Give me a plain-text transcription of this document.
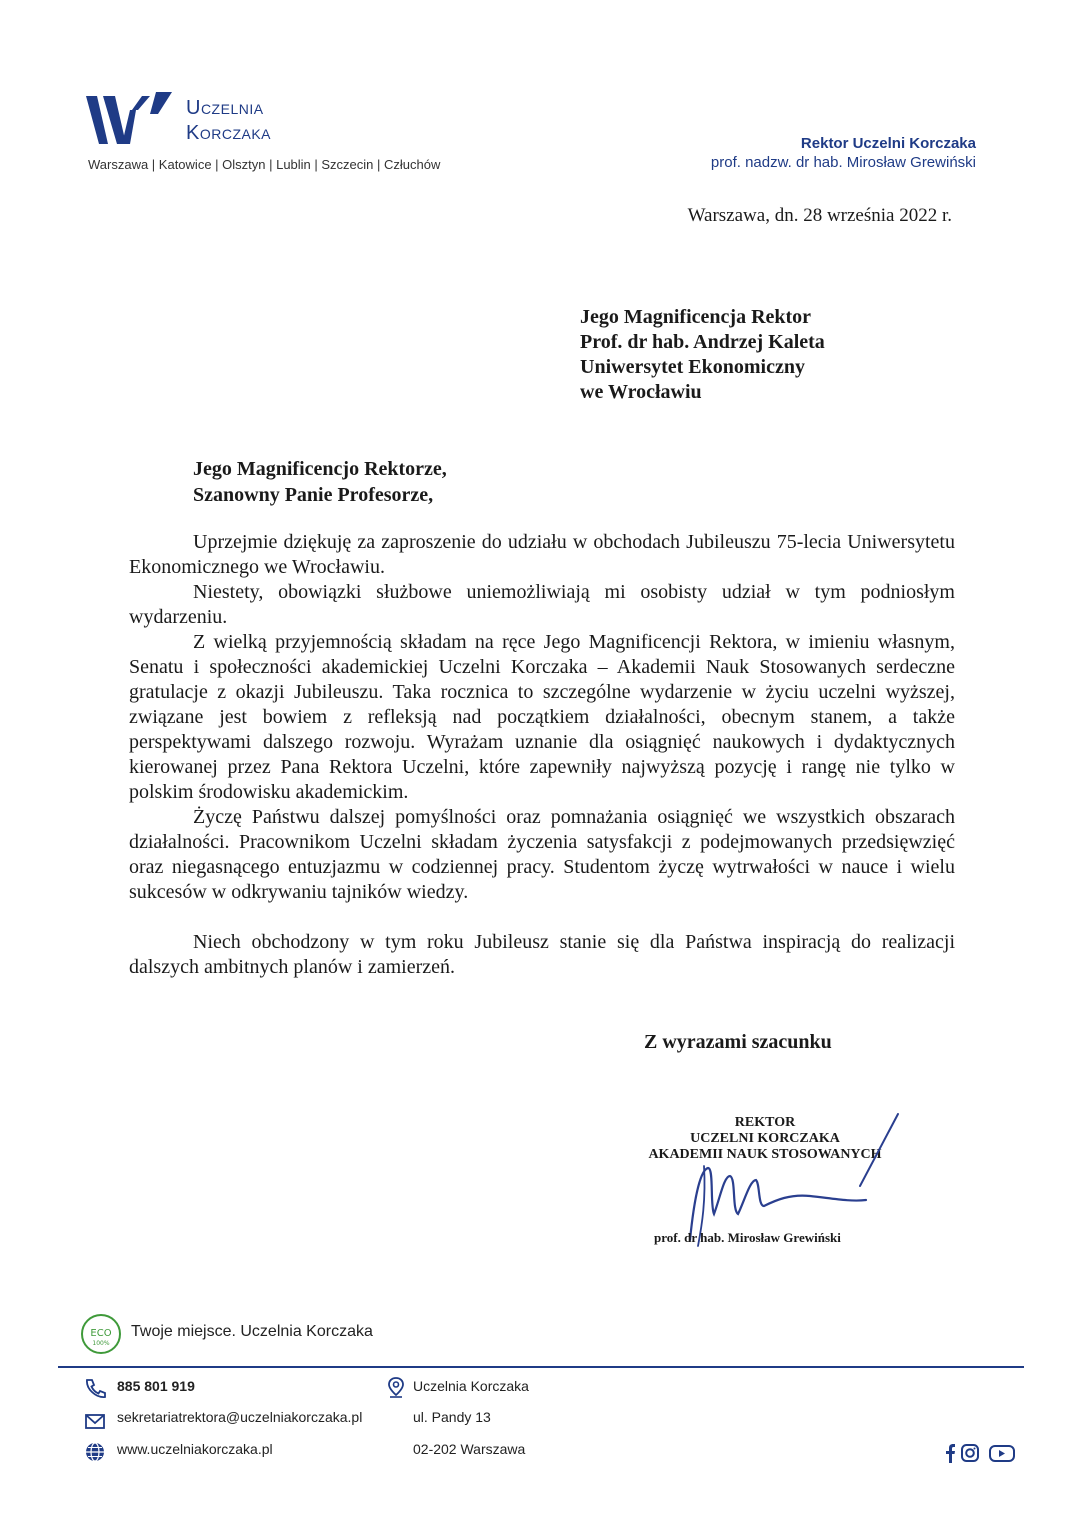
Uczelnia
Korczaka
Warszawa | Katowice | Olsztyn | Lublin | Szczecin | Człuchów
Rektor Uczelni Korczaka
prof. nadzw. dr hab. Mirosław Grewiński
Warszawa, dn. 28 września 2022 r.
Jego Magnificencja Rektor
Prof. dr hab. Andrzej Kaleta
Uniwersytet Ekonomiczny
we Wrocławiu
Jego Magnificencjo Rektorze,
Szanowny Panie Profesorze,

Uprzejmie dziękuję za zaproszenie do udziału w obchodach Jubileuszu 75-lecia Uniwersytetu Ekonomicznego we Wrocławiu.

Niestety, obowiązki służbowe uniemożliwiają mi osobisty udział w tym podniosłym wydarzeniu.

Z wielką przyjemnością składam na ręce Jego Magnificencji Rektora, w imieniu własnym, Senatu i społeczności akademickiej Uczelni Korczaka – Akademii Nauk Stosowanych serdeczne gratulacje z okazji Jubileuszu. Taka rocznica to szczególne wydarzenie w życiu uczelni wyższej, związane jest bowiem z refleksją nad początkiem działalności, obecnym stanem, a także perspektywami dalszego rozwoju. Wyrażam uznanie dla osiągnięć naukowych i dydaktycznych kierowanej przez Pana Rektora Uczelni, które zapewniły najwyższą pozycję i rangę nie tylko w polskim środowisku akademickim.

Życzę Państwu dalszej pomyślności oraz pomnażania osiągnięć we wszystkich obszarach działalności. Pracownikom Uczelni składam życzenia satysfakcji z podejmowanych przedsięwzięć oraz niegasnącego entuzjazmu w codziennej pracy. Studentom życzę wytrwałości w nauce i wielu sukcesów w odkrywaniu tajników wiedzy.

Niech obchodzony w tym roku Jubileusz stanie się dla Państwa inspiracją do realizacji dalszych ambitnych planów i zamierzeń.

Z wyrazami szacunku
REKTOR
UCZELNI KORCZAKA
AKADEMII NAUK STOSOWANYCH
prof. dr hab. Mirosław Grewiński
ECO
100%
Twoje miejsce. Uczelnia Korczaka
885 801 919
sekretariatrektora@uczelniakorczaka.pl
www.uczelniakorczaka.pl
Uczelnia Korczaka
ul. Pandy 13
02-202 Warszawa
